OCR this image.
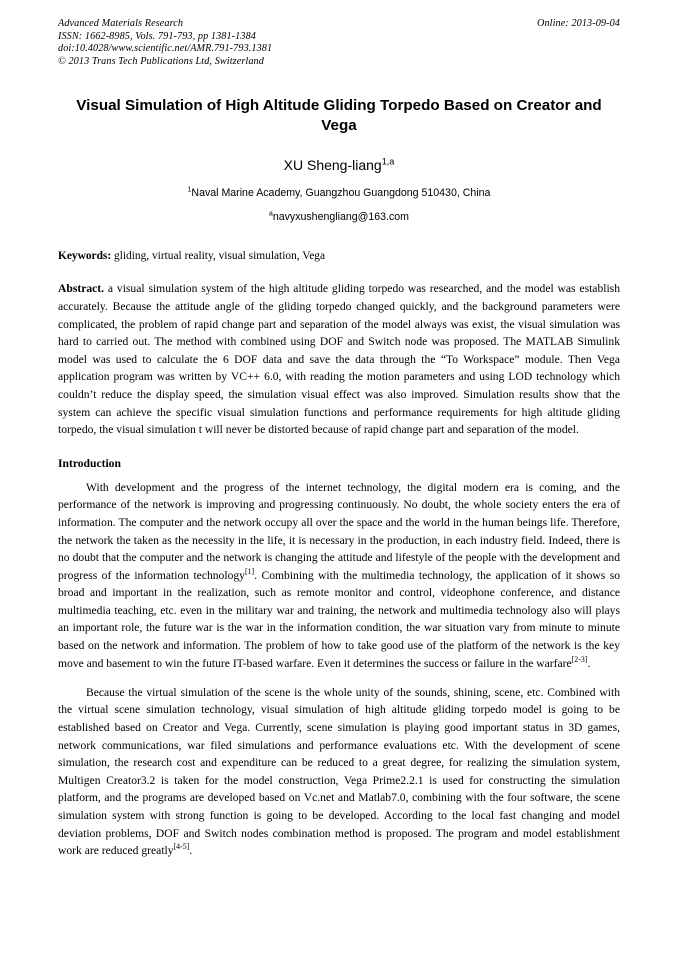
Advanced Materials Research	Online: 2013-09-04
ISSN: 1662-8985, Vols. 791-793, pp 1381-1384
doi:10.4028/www.scientific.net/AMR.791-793.1381
© 2013 Trans Tech Publications Ltd, Switzerland
Visual Simulation of High Altitude Gliding Torpedo Based on Creator and Vega
XU Sheng-liang$^{1,a}$
$^1$Naval Marine Academy, Guangzhou Guangdong 510430, China
$^a$navyxushengliang@163.com
Keywords: gliding, virtual reality, visual simulation, Vega
Abstract. a visual simulation system of the high altitude gliding torpedo was researched, and the model was establish accurately. Because the attitude angle of the gliding torpedo changed quickly, and the background parameters were complicated, the problem of rapid change part and separation of the model always was exist, the visual simulation was hard to carried out. The method with combined using DOF and Switch node was proposed. The MATLAB Simulink model was used to calculate the 6 DOF data and save the data through the “To Workspace” module. Then Vega application program was written by VC++ 6.0, with reading the motion parameters and using LOD technology which couldn’t reduce the display speed, the simulation visual effect was also improved. Simulation results show that the system can achieve the specific visual simulation functions and performance requirements for high altitude gliding torpedo, the visual simulation t will never be distorted because of rapid change part and separation of the model.
Introduction

With development and the progress of the internet technology, the digital modern era is coming, and the performance of the network is improving and progressing continuously. No doubt, the whole society enters the era of information. The computer and the network occupy all over the space and the world in the human beings life. Therefore, the network the taken as the necessity in the life, it is necessary in the production, in each industry field. Indeed, there is no doubt that the computer and the network is changing the attitude and lifestyle of the people with the development and progress of the information technology[1]. Combining with the multimedia technology, the application of it shows so broad and important in the realization, such as remote monitor and control, videophone conference, and distance multimedia teaching, etc. even in the military war and training, the network and multimedia technology also will plays an important role, the future war is the war in the information condition, the war situation vary from minute to minute based on the network and information. The problem of how to take good use of the platform of the network is the key move and basement to win the future IT-based warfare. Even it determines the success or failure in the warfare[2-3].

Because the virtual simulation of the scene is the whole unity of the sounds, shining, scene, etc. Combined with the virtual scene simulation technology, visual simulation of high altitude gliding torpedo model is going to be established based on Creator and Vega. Currently, scene simulation is playing good important status in 3D games, network communications, war filed simulations and performance evaluations etc. With the development of scene simulation, the research cost and expenditure can be reduced to a great degree, for realizing the simulation system, Multigen Creator3.2 is taken for the model construction, Vega Prime2.2.1 is used for constructing the simulation platform, and the programs are developed based on Vc.net and Matlab7.0, combining with the four software, the scene simulation system with strong function is going to be developed. According to the local fast changing and model deviation problems, DOF and Switch nodes combination method is proposed. The program and model establishment work are reduced greatly[4-5].
